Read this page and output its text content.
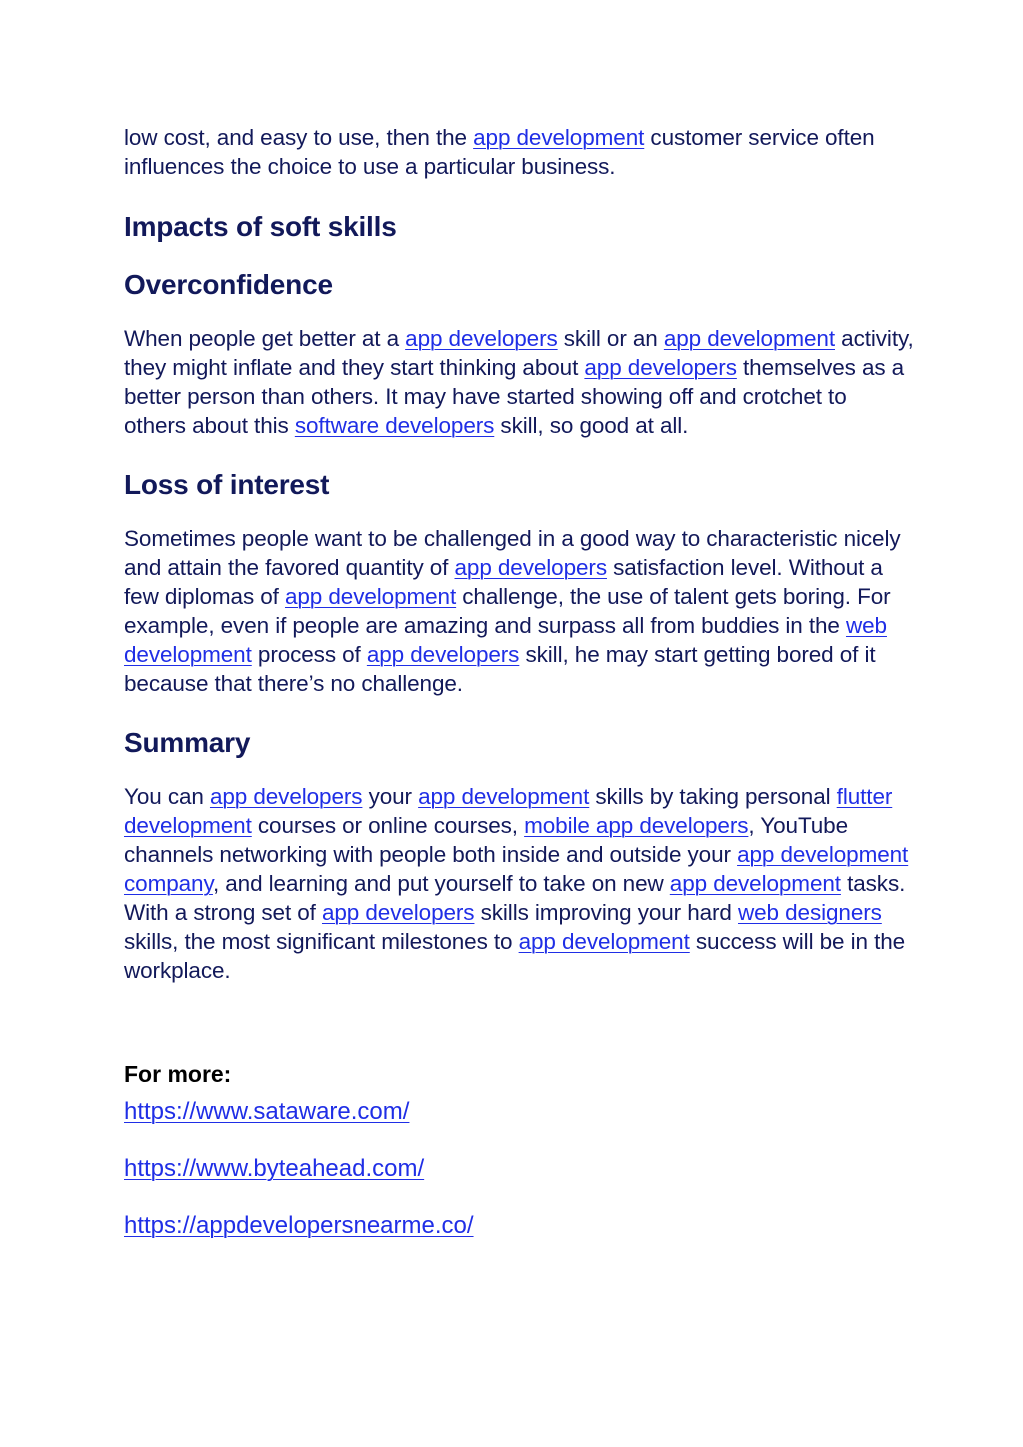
low cost, and easy to use, then the app development customer service often influences the choice to use a particular business.

Impacts of soft skills
Overconfidence

When people get better at a app developers skill or an app development activity, they might inflate and they start thinking about app developers themselves as a better person than others. It may have started showing off and crotchet to others about this software developers skill, so good at all.

Loss of interest

Sometimes people want to be challenged in a good way to characteristic nicely and attain the favored quantity of app developers satisfaction level. Without a few diplomas of app development challenge, the use of talent gets boring. For example, even if people are amazing and surpass all from buddies in the web development process of app developers skill, he may start getting bored of it because that there’s no challenge.

Summary

You can app developers your app development skills by taking personal flutter development courses or online courses, mobile app developers, YouTube channels networking with people both inside and outside your app development company, and learning and put yourself to take on new app development tasks. With a strong set of app developers skills improving your hard web designers skills, the most significant milestones to app development success will be in the workplace.

For more:

https://www.sataware.com/
https://www.byteahead.com/
https://appdevelopersnearme.co/
